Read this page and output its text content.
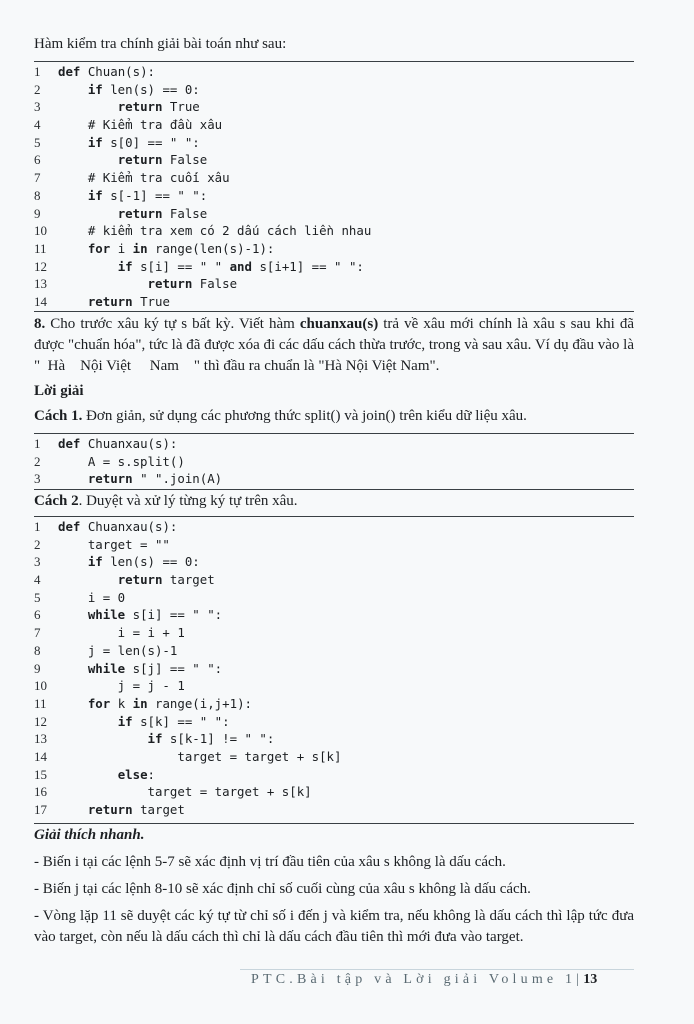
Hàm kiểm tra chính giải bài toán như sau:
1	def Chuan(s):
2	if len(s) == 0:
3	return True
4	# Kiểm tra đầu xâu
5	if s[0] == " ":
6	return False
7	# Kiểm tra cuối xâu
8	if s[-1] == " ":
9	return False
10 # kiểm tra xem có 2 dấu cách liền nhau
11	for i in range(len(s)-1):
12	if s[i] == " " and s[i+1] == " ":
13	return False
14	return True
8. Cho trước xâu ký tự s bất kỳ. Viết hàm chuanxau(s) trả về xâu mới chính là xâu s sau khi đã được "chuẩn hóa", tức là đã được xóa đi các dấu cách thừa trước, trong và sau xâu. Ví dụ đầu vào là "  Hà    Nội Việt     Nam    " thì đầu ra chuẩn là "Hà Nội Việt Nam".
Lời giải
Cách 1. Đơn giản, sử dụng các phương thức split() và join() trên kiểu dữ liệu xâu.
1	def Chuanxau(s):
2	A = s.split()
3	return " ".join(A)
Cách 2. Duyệt và xử lý từng ký tự trên xâu.
1	def Chuanxau(s):
2	target = ""
3	if len(s) == 0:
4	return target
5	i = 0
6	while s[i] == " ":
7	i = i + 1
8	j = len(s)-1
9	while s[j] == " ":
10 j = j - 1
11	for k in range(i,j+1):
12	if s[k] == " ":
13	if s[k-1] != " ":
14 target = target + s[k]
15	else:
16 target = target + s[k]
17	return target
Giải thích nhanh.
- Biến i tại các lệnh 5-7 sẽ xác định vị trí đầu tiên của xâu s không là dấu cách.
- Biến j tại các lệnh 8-10 sẽ xác định chỉ số cuối cùng của xâu s không là dấu cách.
- Vòng lặp 11 sẽ duyệt các ký tự từ chỉ số i đến j và kiểm tra, nếu không là dấu cách thì lập tức đưa vào target, còn nếu là dấu cách thì chỉ là dấu cách đầu tiên thì mới đưa vào target.
PTC.Bài tập và Lời giải Volume 1|13
